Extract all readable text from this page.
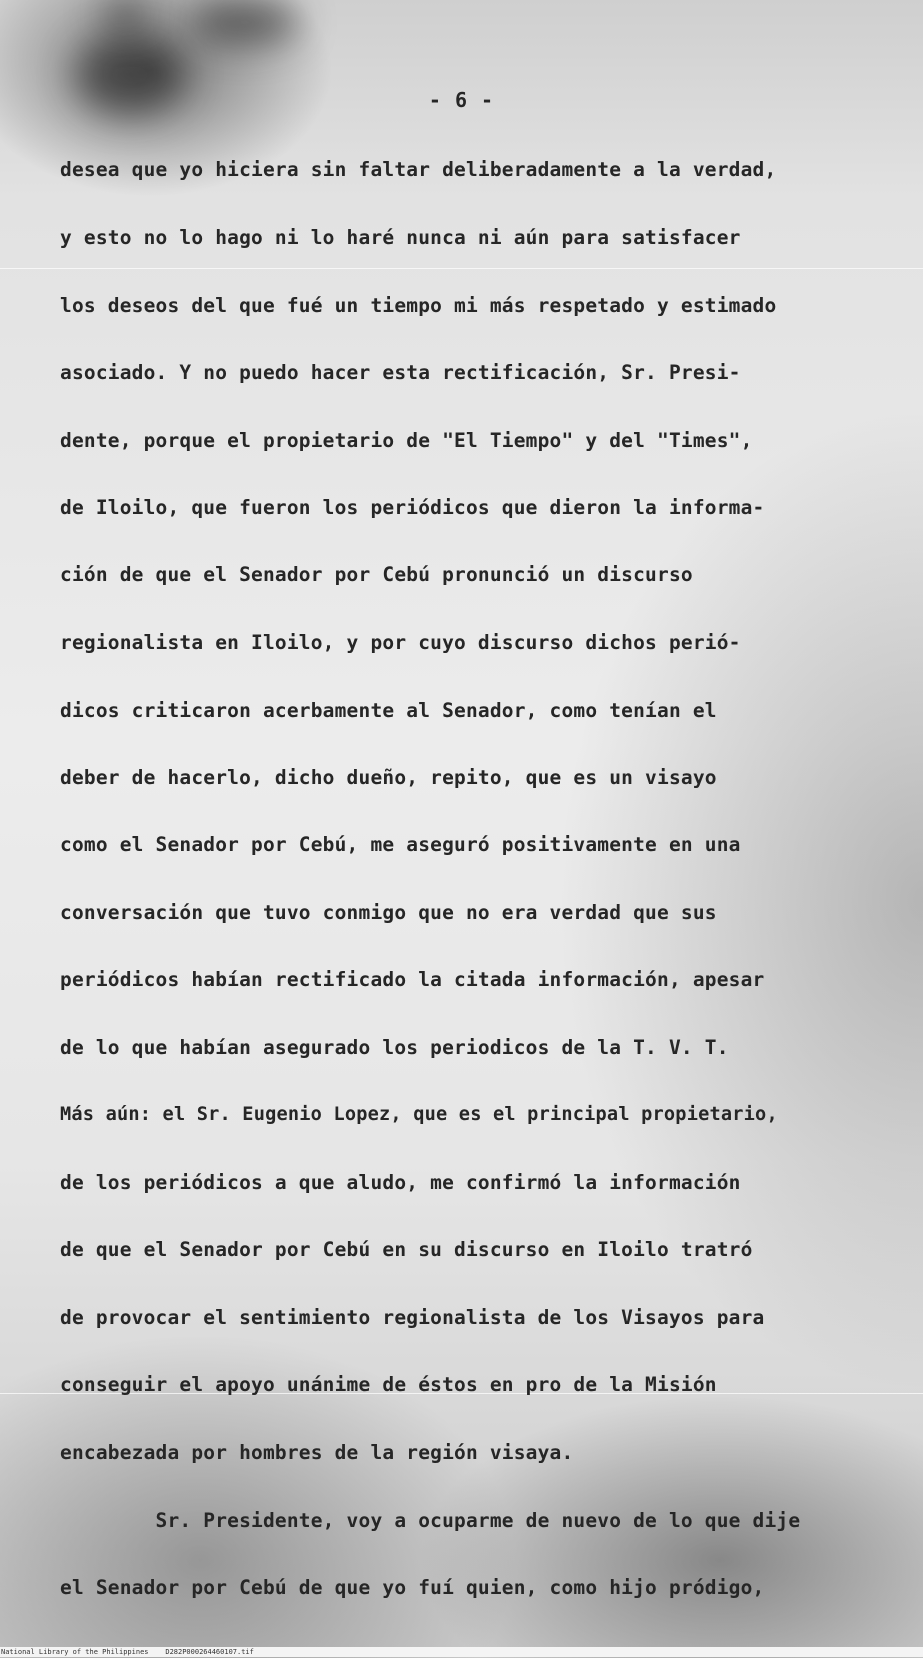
- 6 -
desea que yo hiciera sin faltar deliberadamente a la verdad,
y esto no lo hago ni lo haré nunca ni aún para satisfacer
los deseos del que fué un tiempo mi más respetado y estimado
asociado. Y no puedo hacer esta rectificación, Sr. Presi-
dente, porque el propietario de "El Tiempo" y del "Times",
de Iloilo, que fueron los periódicos que dieron la informa-
ción de que el Senador por Cebú pronunció un discurso
regionalista en Iloilo, y por cuyo discurso dichos perió-
dicos criticaron acerbamente al Senador, como tenían el
deber de hacerlo, dicho dueño, repito, que es un visayo
como el Senador por Cebú, me aseguró positivamente en una
conversación que tuvo conmigo que no era verdad que sus
periódicos habían rectificado la citada información, apesar
de lo que habían asegurado los periodicos de la T. V. T.
Más aún: el Sr. Eugenio Lopez, que es el principal propietario,
de los periódicos a que aludo, me confirmó la información
de que el Senador por Cebú en su discurso en Iloilo tratró
de provocar el sentimiento regionalista de los Visayos para
conseguir el apoyo unánime de éstos en pro de la Misión
encabezada por hombres de la región visaya.
Sr. Presidente, voy a ocuparme de nuevo de lo que dije
el Senador por Cebú de que yo fuí quien, como hijo pródigo,
National Library of the Philippines    D282P000264460107.tif
